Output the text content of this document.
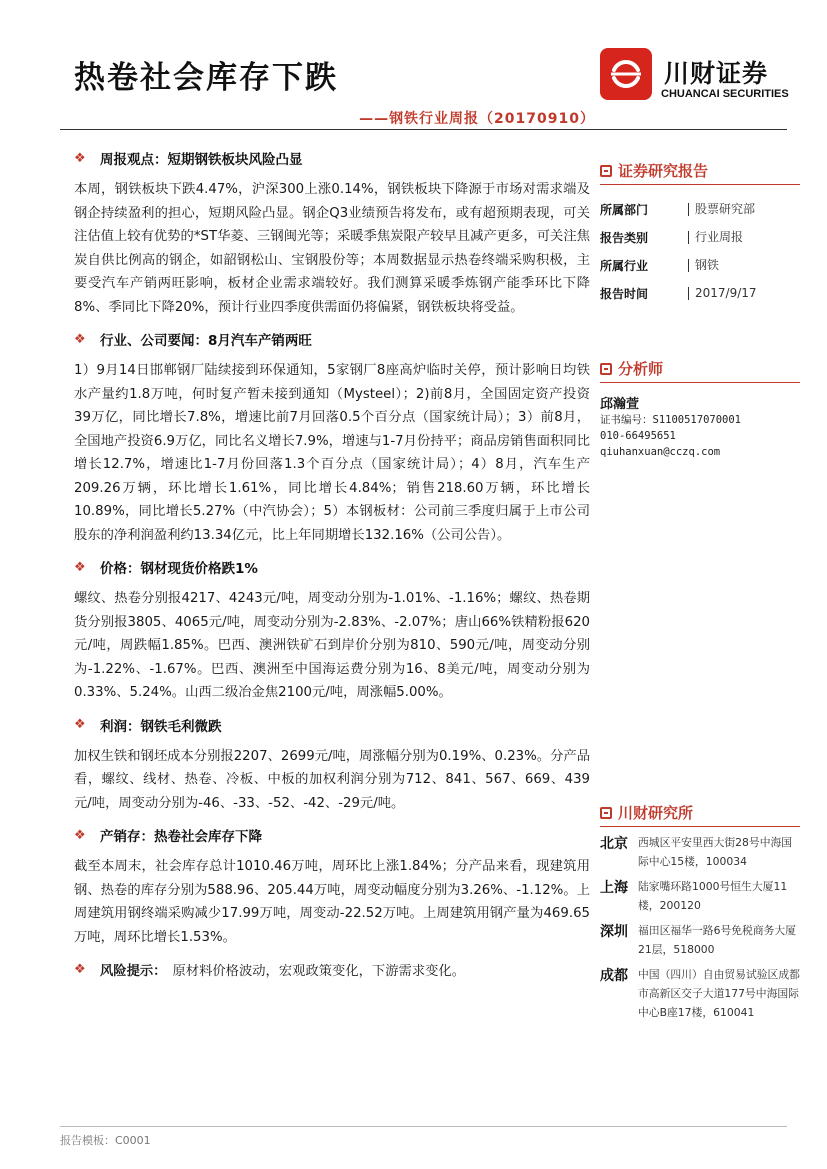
热卷社会库存下跌
——钢铁行业周报（20170910）
川财证券
CHUANCAI SECURITIES
❖	周报观点：短期钢铁板块风险凸显

本周，钢铁板块下跌4.47%，沪深300上涨0.14%，钢铁板块下降源于市场对需求端及钢企持续盈利的担心，短期风险凸显。钢企Q3业绩预告将发布，或有超预期表现，可关注估值上较有优势的*ST华菱、三钢闽光等；采暖季焦炭限产较早且减产更多，可关注焦炭自供比例高的钢企，如韶钢松山、宝钢股份等；本周数据显示热卷终端采购积极，主要受汽车产销两旺影响，板材企业需求端较好。我们测算采暖季炼钢产能季环比下降8%、季同比下降20%，预计行业四季度供需面仍将偏紧，钢铁板块将受益。

❖	行业、公司要闻：8月汽车产销两旺

1）9月14日邯郸钢厂陆续接到环保通知，5家钢厂8座高炉临时关停，预计影响日均铁水产量约1.8万吨，何时复产暂未接到通知（Mysteel）；2)前8月，全国固定资产投资39万亿，同比增长7.8%，增速比前7月回落0.5个百分点（国家统计局）；3）前8月，全国地产投资6.9万亿，同比名义增长7.9%，增速与1-7月份持平；商品房销售面积同比增长12.7%，增速比1-7月份回落1.3个百分点（国家统计局）；4）8月，汽车生产209.26万辆，环比增长1.61%，同比增长4.84%；销售218.60万辆，环比增长10.89%，同比增长5.27%（中汽协会）；5）本钢板材：公司前三季度归属于上市公司股东的净利润盈利约13.34亿元，比上年同期增长132.16%（公司公告）。

❖	价格：钢材现货价格跌1%

螺纹、热卷分别报4217、4243元/吨，周变动分别为-1.01%、-1.16%；螺纹、热卷期货分别报3805、4065元/吨，周变动分别为-2.83%、-2.07%；唐山66%铁精粉报620元/吨，周跌幅1.85%。巴西、澳洲铁矿石到岸价分别为810、590元/吨，周变动分别为-1.22%、-1.67%。巴西、澳洲至中国海运费分别为16、8美元/吨，周变动分别为0.33%、5.24%。山西二级冶金焦2100元/吨，周涨幅5.00%。

❖	利润：钢铁毛利微跌

加权生铁和钢坯成本分别报2207、2699元/吨，周涨幅分别为0.19%、0.23%。分产品看，螺纹、线材、热卷、冷板、中板的加权利润分别为712、841、567、669、439元/吨，周变动分别为-46、-33、-52、-42、-29元/吨。

❖	产销存：热卷社会库存下降

截至本周末，社会库存总计1010.46万吨，周环比上涨1.84%；分产品来看，现建筑用钢、热卷的库存分别为588.96、205.44万吨，周变动幅度分别为3.26%、-1.12%。上周建筑用钢终端采购减少17.99万吨，周变动-22.52万吨。上周建筑用钢产量为469.65万吨，周环比增长1.53%。

❖	风险提示： 原材料价格波动，宏观政策变化，下游需求变化。
证券研究报告
所属部门	股票研究部
报告类别	行业周报
所属行业	钢铁
报告时间	2017/9/17
分析师
邱瀚萱
证书编号：S1100517070001
010-66495651
qiuhanxuan@cczq.com
川财研究所
北京 西城区平安里西大街28号中海国际中心15楼，100034
上海 陆家嘴环路1000号恒生大厦11楼，200120
深圳 福田区福华一路6号免税商务大厦21层，518000
成都 中国（四川）自由贸易试验区成都市高新区交子大道177号中海国际中心B座17楼，610041
报告模板：C0001
